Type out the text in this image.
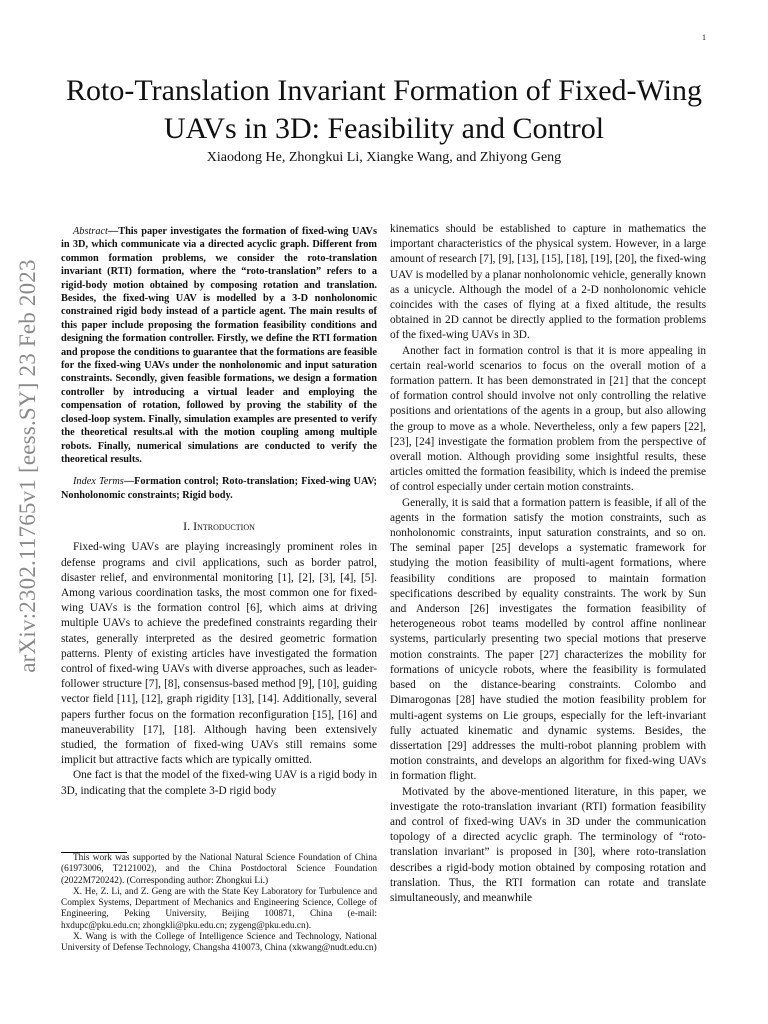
1
Roto-Translation Invariant Formation of Fixed-Wing UAVs in 3D: Feasibility and Control
Xiaodong He, Zhongkui Li, Xiangke Wang, and Zhiyong Geng
arXiv:2302.11765v1 [eess.SY] 23 Feb 2023

Abstract—This paper investigates the formation of fixed-wing UAVs in 3D, which communicate via a directed acyclic graph. Different from common formation problems, we consider the roto-translation invariant (RTI) formation, where the “roto-translation” refers to a rigid-body motion obtained by composing rotation and translation. Besides, the fixed-wing UAV is modelled by a 3-D nonholonomic constrained rigid body instead of a particle agent. The main results of this paper include proposing the formation feasibility conditions and designing the formation controller. Firstly, we define the RTI formation and propose the conditions to guarantee that the formations are feasible for the fixed-wing UAVs under the nonholonomic and input saturation constraints. Secondly, given feasible formations, we design a formation controller by introducing a virtual leader and employing the compensation of rotation, followed by proving the stability of the closed-loop system. Finally, simulation examples are presented to verify the theoretical results.al with the motion coupling among multiple robots. Finally, numerical simulations are conducted to verify the theoretical results.

Index Terms—Formation control; Roto-translation; Fixed-wing UAV; Nonholonomic constraints; Rigid body.

I. Introduction

Fixed-wing UAVs are playing increasingly prominent roles in defense programs and civil applications, such as border patrol, disaster relief, and environmental monitoring [1], [2], [3], [4], [5]. Among various coordination tasks, the most common one for fixed-wing UAVs is the formation control [6], which aims at driving multiple UAVs to achieve the predefined constraints regarding their states, generally interpreted as the desired geometric formation patterns. Plenty of existing articles have investigated the formation control of fixed-wing UAVs with diverse approaches, such as leader-follower structure [7], [8], consensus-based method [9], [10], guiding vector field [11], [12], graph rigidity [13], [14]. Additionally, several papers further focus on the formation reconfiguration [15], [16] and maneuverability [17], [18]. Although having been extensively studied, the formation of fixed-wing UAVs still remains some implicit but attractive facts which are typically omitted.

One fact is that the model of the fixed-wing UAV is a rigid body in 3D, indicating that the complete 3-D rigid body

This work was supported by the National Natural Science Foundation of China (61973006, T2121002), and the China Postdoctoral Science Foundation (2022M720242). (Corresponding author: Zhongkui Li.)

X. He, Z. Li, and Z. Geng are with the State Key Laboratory for Turbulence and Complex Systems, Department of Mechanics and Engineering Science, College of Engineering, Peking University, Beijing 100871, China (e-mail: hxdupc@pku.edu.cn; zhongkli@pku.edu.cn; zygeng@pku.edu.cn).

X. Wang is with the College of Intelligence Science and Technology, National University of Defense Technology, Changsha 410073, China (xkwang@nudt.edu.cn)

kinematics should be established to capture in mathematics the important characteristics of the physical system. However, in a large amount of research [7], [9], [13], [15], [18], [19], [20], the fixed-wing UAV is modelled by a planar nonholonomic vehicle, generally known as a unicycle. Although the model of a 2-D nonholonomic vehicle coincides with the cases of flying at a fixed altitude, the results obtained in 2D cannot be directly applied to the formation problems of the fixed-wing UAVs in 3D.

Another fact in formation control is that it is more appealing in certain real-world scenarios to focus on the overall motion of a formation pattern. It has been demonstrated in [21] that the concept of formation control should involve not only controlling the relative positions and orientations of the agents in a group, but also allowing the group to move as a whole. Nevertheless, only a few papers [22], [23], [24] investigate the formation problem from the perspective of overall motion. Although providing some insightful results, these articles omitted the formation feasibility, which is indeed the premise of control especially under certain motion constraints.

Generally, it is said that a formation pattern is feasible, if all of the agents in the formation satisfy the motion constraints, such as nonholonomic constraints, input saturation constraints, and so on. The seminal paper [25] develops a systematic framework for studying the motion feasibility of multi-agent formations, where feasibility conditions are proposed to maintain formation specifications described by equality constraints. The work by Sun and Anderson [26] investigates the formation feasibility of heterogeneous robot teams modelled by control affine nonlinear systems, particularly presenting two special motions that preserve motion constraints. The paper [27] characterizes the mobility for formations of unicycle robots, where the feasibility is formulated based on the distance-bearing constraints. Colombo and Dimarogonas [28] have studied the motion feasibility problem for multi-agent systems on Lie groups, especially for the left-invariant fully actuated kinematic and dynamic systems. Besides, the dissertation [29] addresses the multi-robot planning problem with motion constraints, and develops an algorithm for fixed-wing UAVs in formation flight.

Motivated by the above-mentioned literature, in this paper, we investigate the roto-translation invariant (RTI) formation feasibility and control of fixed-wing UAVs in 3D under the communication topology of a directed acyclic graph. The terminology of “roto-translation invariant” is proposed in [30], where roto-translation describes a rigid-body motion obtained by composing rotation and translation. Thus, the RTI formation can rotate and translate simultaneously, and meanwhile
